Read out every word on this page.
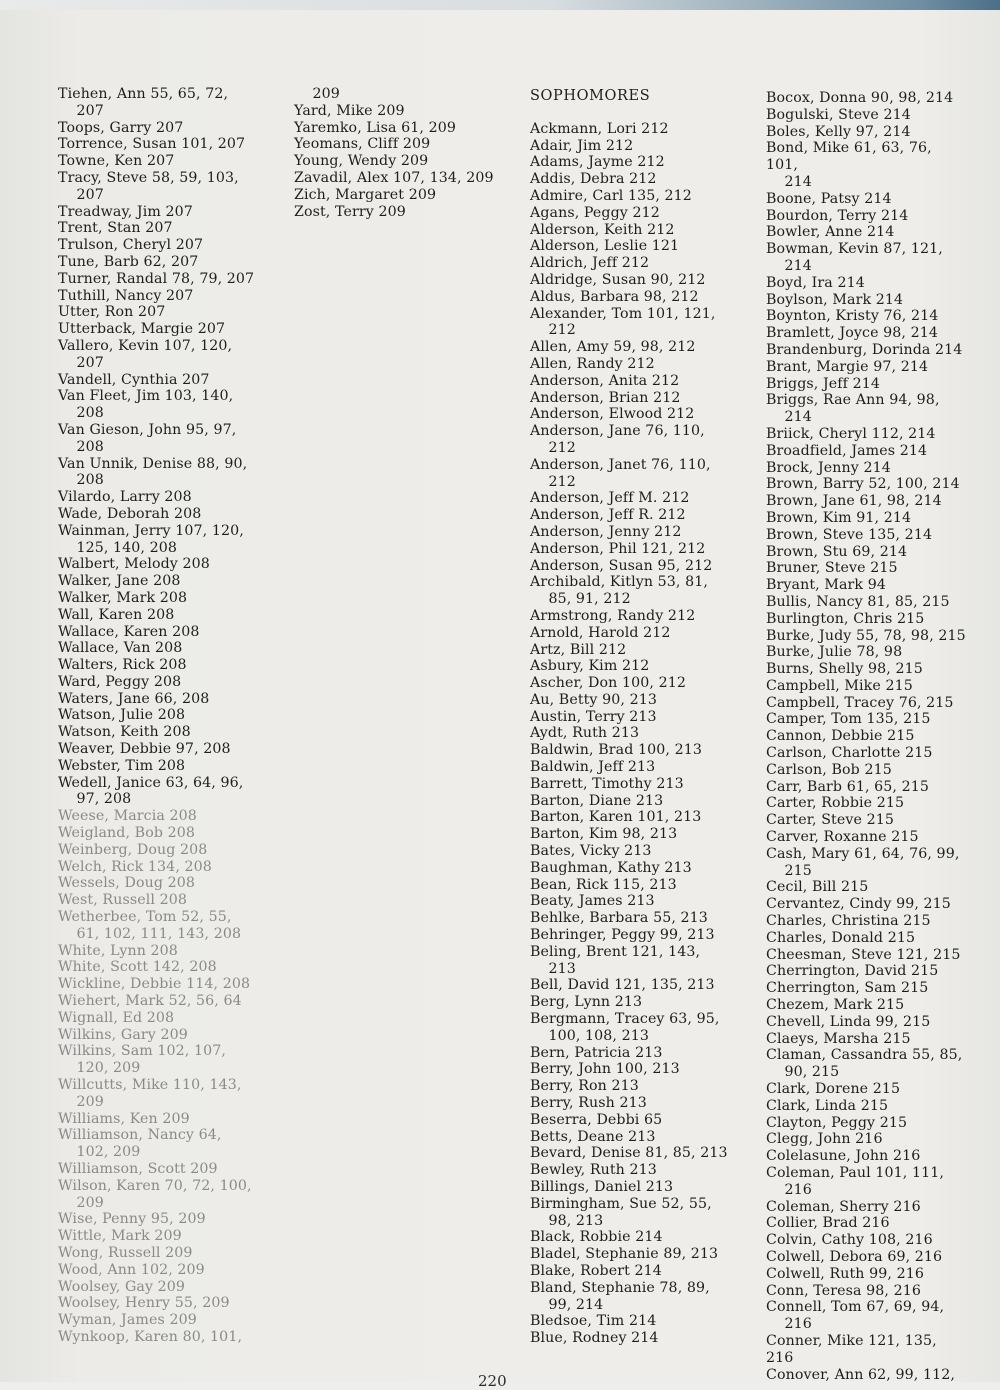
Tiehen, Ann 55, 65, 72,
207

Toops, Garry 207

Torrence, Susan 101, 207

Towne, Ken 207

Tracy, Steve 58, 59, 103,
207

Treadway, Jim 207

Trent, Stan 207

Trulson, Cheryl 207

Tune, Barb 62, 207

Turner, Randal 78, 79, 207

Tuthill, Nancy 207

Utter, Ron 207

Utterback, Margie 207

Vallero, Kevin 107, 120,
207

Vandell, Cynthia 207

Van Fleet, Jim 103, 140,
208

Van Gieson, John 95, 97,
208

Van Unnik, Denise 88, 90,
208

Vilardo, Larry 208

Wade, Deborah 208

Wainman, Jerry 107, 120,
125, 140, 208

Walbert, Melody 208

Walker, Jane 208

Walker, Mark 208

Wall, Karen 208

Wallace, Karen 208

Wallace, Van 208

Walters, Rick 208

Ward, Peggy 208

Waters, Jane 66, 208

Watson, Julie 208

Watson, Keith 208

Weaver, Debbie 97, 208

Webster, Tim 208

Wedell, Janice 63, 64, 96,
97, 208

Weese, Marcia 208

Weigland, Bob 208

Weinberg, Doug 208

Welch, Rick 134, 208

Wessels, Doug 208

West, Russell 208

Wetherbee, Tom 52, 55,
61, 102, 111, 143, 208

White, Lynn 208

White, Scott 142, 208

Wickline, Debbie 114, 208

Wiehert, Mark 52, 56, 64

Wignall, Ed 208

Wilkins, Gary 209

Wilkins, Sam 102, 107,
120, 209

Willcutts, Mike 110, 143,
209

Williams, Ken 209

Williamson, Nancy 64,
102, 209

Williamson, Scott 209

Wilson, Karen 70, 72, 100,
209

Wise, Penny 95, 209

Wittle, Mark 209

Wong, Russell 209

Wood, Ann 102, 209

Woolsey, Gay 209

Woolsey, Henry 55, 209

Wyman, James 209

Wynkoop, Karen 80, 101,

209

Yard, Mike 209

Yaremko, Lisa 61, 209

Yeomans, Cliff 209

Young, Wendy 209

Zavadil, Alex 107, 134, 209

Zich, Margaret 209

Zost, Terry 209

SOPHOMORES

Ackmann, Lori 212

Adair, Jim 212

Adams, Jayme 212

Addis, Debra 212

Admire, Carl 135, 212

Agans, Peggy 212

Alderson, Keith 212

Alderson, Leslie 121

Aldrich, Jeff 212

Aldridge, Susan 90, 212

Aldus, Barbara 98, 212

Alexander, Tom 101, 121,
212

Allen, Amy 59, 98, 212

Allen, Randy 212

Anderson, Anita 212

Anderson, Brian 212

Anderson, Elwood 212

Anderson, Jane 76, 110,
212

Anderson, Janet 76, 110,
212

Anderson, Jeff M. 212

Anderson, Jeff R. 212

Anderson, Jenny 212

Anderson, Phil 121, 212

Anderson, Susan 95, 212

Archibald, Kitlyn 53, 81,
85, 91, 212

Armstrong, Randy 212

Arnold, Harold 212

Artz, Bill 212

Asbury, Kim 212

Ascher, Don 100, 212

Au, Betty 90, 213

Austin, Terry 213

Aydt, Ruth 213

Baldwin, Brad 100, 213

Baldwin, Jeff 213

Barrett, Timothy 213

Barton, Diane 213

Barton, Karen 101, 213

Barton, Kim 98, 213

Bates, Vicky 213

Baughman, Kathy 213

Bean, Rick 115, 213

Beaty, James 213

Behlke, Barbara 55, 213

Behringer, Peggy 99, 213

Beling, Brent 121, 143,
213

Bell, David 121, 135, 213

Berg, Lynn 213

Bergmann, Tracey 63, 95,
100, 108, 213

Bern, Patricia 213

Berry, John 100, 213

Berry, Ron 213

Berry, Rush 213

Beserra, Debbi 65

Betts, Deane 213

Bevard, Denise 81, 85, 213

Bewley, Ruth 213

Billings, Daniel 213

Birmingham, Sue 52, 55,
98, 213

Black, Robbie 214

Bladel, Stephanie 89, 213

Blake, Robert 214

Bland, Stephanie 78, 89,
99, 214

Bledsoe, Tim 214

Blue, Rodney 214

Bocox, Donna 90, 98, 214

Bogulski, Steve 214

Boles, Kelly 97, 214

Bond, Mike 61, 63, 76, 101,
214

Boone, Patsy 214

Bourdon, Terry 214

Bowler, Anne 214

Bowman, Kevin 87, 121,
214

Boyd, Ira 214

Boylson, Mark 214

Boynton, Kristy 76, 214

Bramlett, Joyce 98, 214

Brandenburg, Dorinda 214

Brant, Margie 97, 214

Briggs, Jeff 214

Briggs, Rae Ann 94, 98,
214

Briick, Cheryl 112, 214

Broadfield, James 214

Brock, Jenny 214

Brown, Barry 52, 100, 214

Brown, Jane 61, 98, 214

Brown, Kim 91, 214

Brown, Steve 135, 214

Brown, Stu 69, 214

Bruner, Steve 215

Bryant, Mark 94

Bullis, Nancy 81, 85, 215

Burlington, Chris 215

Burke, Judy 55, 78, 98, 215

Burke, Julie 78, 98

Burns, Shelly 98, 215

Campbell, Mike 215

Campbell, Tracey 76, 215

Camper, Tom 135, 215

Cannon, Debbie 215

Carlson, Charlotte 215

Carlson, Bob 215

Carr, Barb 61, 65, 215

Carter, Robbie 215

Carter, Steve 215

Carver, Roxanne 215

Cash, Mary 61, 64, 76, 99,
215

Cecil, Bill 215

Cervantez, Cindy 99, 215

Charles, Christina 215

Charles, Donald 215

Cheesman, Steve 121, 215

Cherrington, David 215

Cherrington, Sam 215

Chezem, Mark 215

Chevell, Linda 99, 215

Claeys, Marsha 215

Claman, Cassandra 55, 85,
90, 215

Clark, Dorene 215

Clark, Linda 215

Clayton, Peggy 215

Clegg, John 216

Colelasune, John 216

Coleman, Paul 101, 111,
216

Coleman, Sherry 216

Collier, Brad 216

Colvin, Cathy 108, 216

Colwell, Debora 69, 216

Colwell, Ruth 99, 216

Conn, Teresa 98, 216

Connell, Tom 67, 69, 94,
216

Conner, Mike 121, 135, 216

Conover, Ann 62, 99, 112,

220
